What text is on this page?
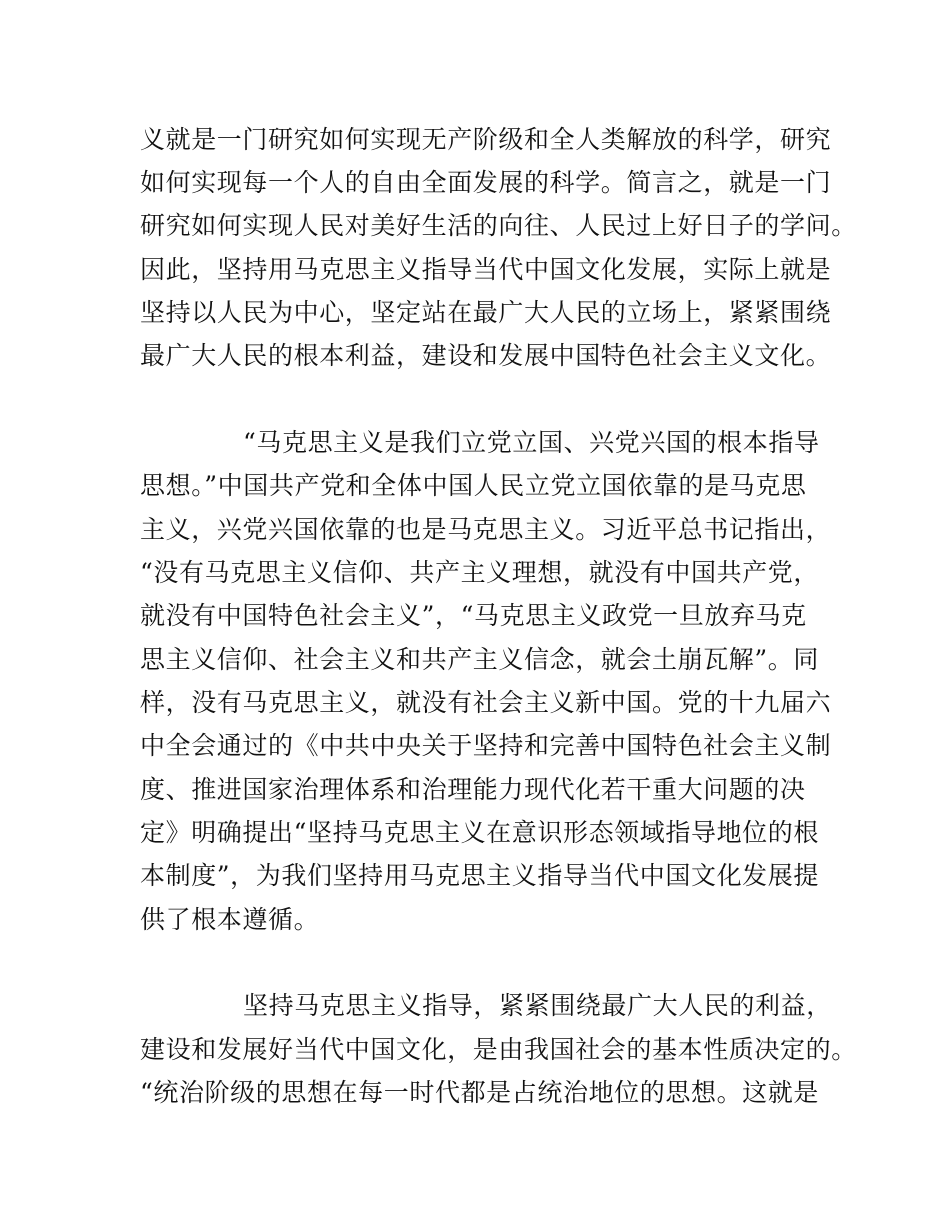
义就是一门研究如何实现无产阶级和全人类解放的科学，研究
如何实现每一个人的自由全面发展的科学。简言之，就是一门
研究如何实现人民对美好生活的向往、人民过上好日子的学问。
因此，坚持用马克思主义指导当代中国文化发展，实际上就是
坚持以人民为中心，坚定站在最广大人民的立场上，紧紧围绕
最广大人民的根本利益，建设和发展中国特色社会主义文化。
“马克思主义是我们立党立国、兴党兴国的根本指导
思想。”中国共产党和全体中国人民立党立国依靠的是马克思
主义，兴党兴国依靠的也是马克思主义。习近平总书记指出，
“没有马克思主义信仰、共产主义理想，就没有中国共产党，
就没有中国特色社会主义”，“马克思主义政党一旦放弃马克
思主义信仰、社会主义和共产主义信念，就会土崩瓦解”。同
样，没有马克思主义，就没有社会主义新中国。党的十九届六
中全会通过的《中共中央关于坚持和完善中国特色社会主义制
度、推进国家治理体系和治理能力现代化若干重大问题的决
定》明确提出“坚持马克思主义在意识形态领域指导地位的根
本制度”，为我们坚持用马克思主义指导当代中国文化发展提
供了根本遵循。
坚持马克思主义指导，紧紧围绕最广大人民的利益，
建设和发展好当代中国文化，是由我国社会的基本性质决定的。
“统治阶级的思想在每一时代都是占统治地位的思想。这就是
